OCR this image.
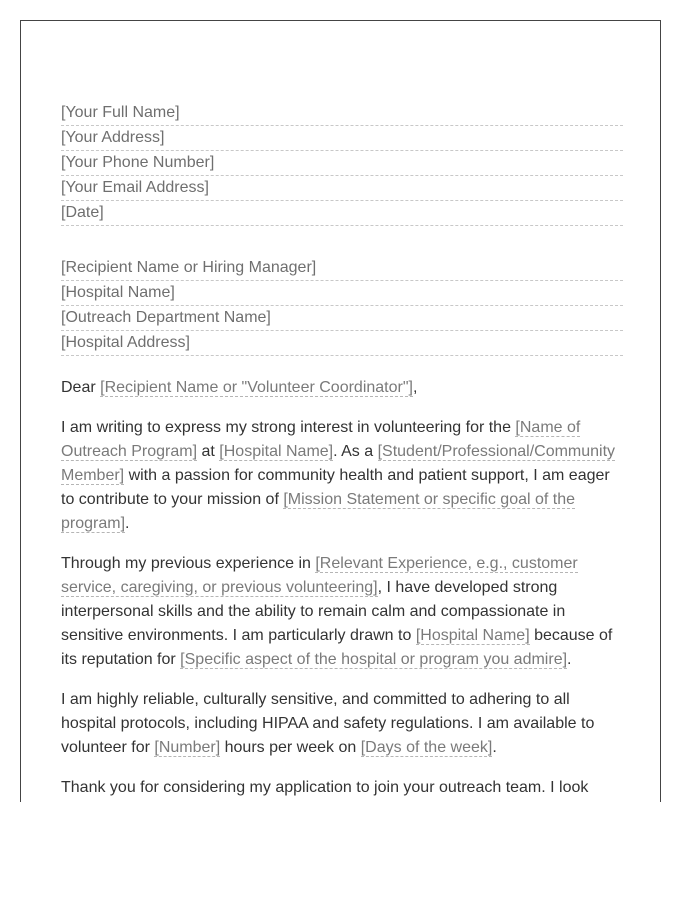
[Your Full Name]
[Your Address]
[Your Phone Number]
[Your Email Address]
[Date]
[Recipient Name or Hiring Manager]
[Hospital Name]
[Outreach Department Name]
[Hospital Address]
Dear [Recipient Name or "Volunteer Coordinator"],

I am writing to express my strong interest in volunteering for the [Name of Outreach Program] at [Hospital Name]. As a [Student/Professional/Community Member] with a passion for community health and patient support, I am eager to contribute to your mission of [Mission Statement or specific goal of the program].

Through my previous experience in [Relevant Experience, e.g., customer service, caregiving, or previous volunteering], I have developed strong interpersonal skills and the ability to remain calm and compassionate in sensitive environments. I am particularly drawn to [Hospital Name] because of its reputation for [Specific aspect of the hospital or program you admire].

I am highly reliable, culturally sensitive, and committed to adhering to all hospital protocols, including HIPAA and safety regulations. I am available to volunteer for [Number] hours per week on [Days of the week].

Thank you for considering my application to join your outreach team. I look
